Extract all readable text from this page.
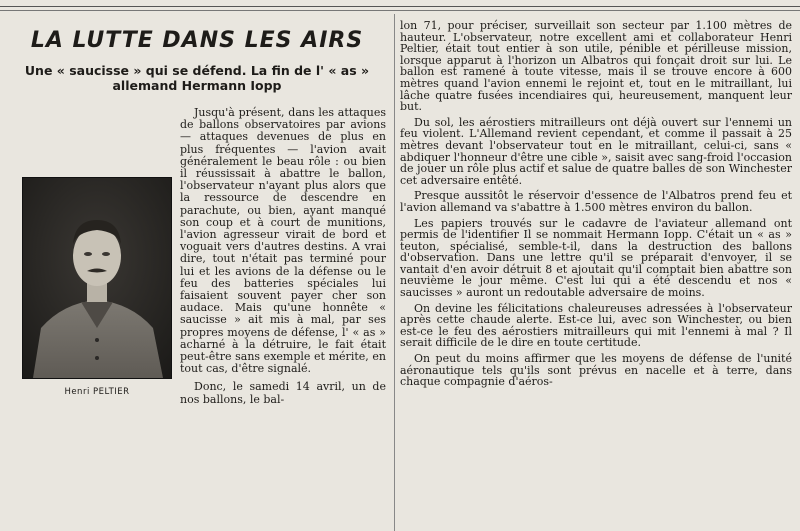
LA LUTTE DANS LES AIRS
Une « saucisse » qui se défend. La fin de l' « as » allemand Hermann Iopp
Henri PELTIER

Jusqu'à présent, dans les attaques de ballons observatoires par avions — attaques devenues de plus en plus fréquentes — l'avion avait généralement le beau rôle : ou bien il réussissait à abattre le ballon, l'observateur n'ayant plus alors que la ressource de descendre en parachute, ou bien, ayant manqué son coup et à court de munitions, l'avion agresseur virait de bord et voguait vers d'autres destins. A vrai dire, tout n'était pas terminé pour lui et les avions de la défense ou le feu des batteries spéciales lui faisaient souvent payer cher son audace. Mais qu'une honnête « saucisse » ait mis à mal, par ses propres moyens de défense, l' « as » acharné à la détruire, le fait était peut-être sans exemple et mérite, en tout cas, d'être signalé.

Donc, le samedi 14 avril, un de nos ballons, le bal-

lon 71, pour préciser, surveillait son secteur par 1.100 mètres de hauteur. L'observateur, notre excellent ami et collaborateur Henri Peltier, était tout entier à son utile, pénible et périlleuse mission, lorsque apparut à l'horizon un Albatros qui fonçait droit sur lui. Le ballon est ramené à toute vitesse, mais il se trouve encore à 600 mètres quand l'avion ennemi le rejoint et, tout en le mitraillant, lui lâche quatre fusées incendiaires qui, heureusement, manquent leur but.

Du sol, les aérostiers mitrailleurs ont déjà ouvert sur l'ennemi un feu violent. L'Allemand revient cependant, et comme il passait à 25 mètres devant l'observateur tout en le mitraillant, celui-ci, sans « abdiquer l'honneur d'être une cible », saisit avec sang-froid l'occasion de jouer un rôle plus actif et salue de quatre balles de son Winchester cet adversaire entêté.

Presque aussitôt le réservoir d'essence de l'Albatros prend feu et l'avion allemand va s'abattre à 1.500 mètres environ du ballon.

Les papiers trouvés sur le cadavre de l'aviateur allemand ont permis de l'identifier Il se nommait Hermann Iopp. C'était un « as » teuton, spécialisé, semble-t-il, dans la destruction des ballons d'observation. Dans une lettre qu'il se préparait d'envoyer, il se vantait d'en avoir détruit 8 et ajoutait qu'il comptait bien abattre son neuvième le jour même. C'est lui qui a été descendu et nos « saucisses » auront un redoutable adversaire de moins.

On devine les félicitations chaleureuses adressées à l'observateur après cette chaude alerte. Est-ce lui, avec son Winchester, ou bien est-ce le feu des aérostiers mitrailleurs qui mit l'ennemi à mal ? Il serait difficile de le dire en toute certitude.

On peut du moins affirmer que les moyens de défense de l'unité aéronautique tels qu'ils sont prévus en nacelle et à terre, dans chaque compagnie d'aéros-
